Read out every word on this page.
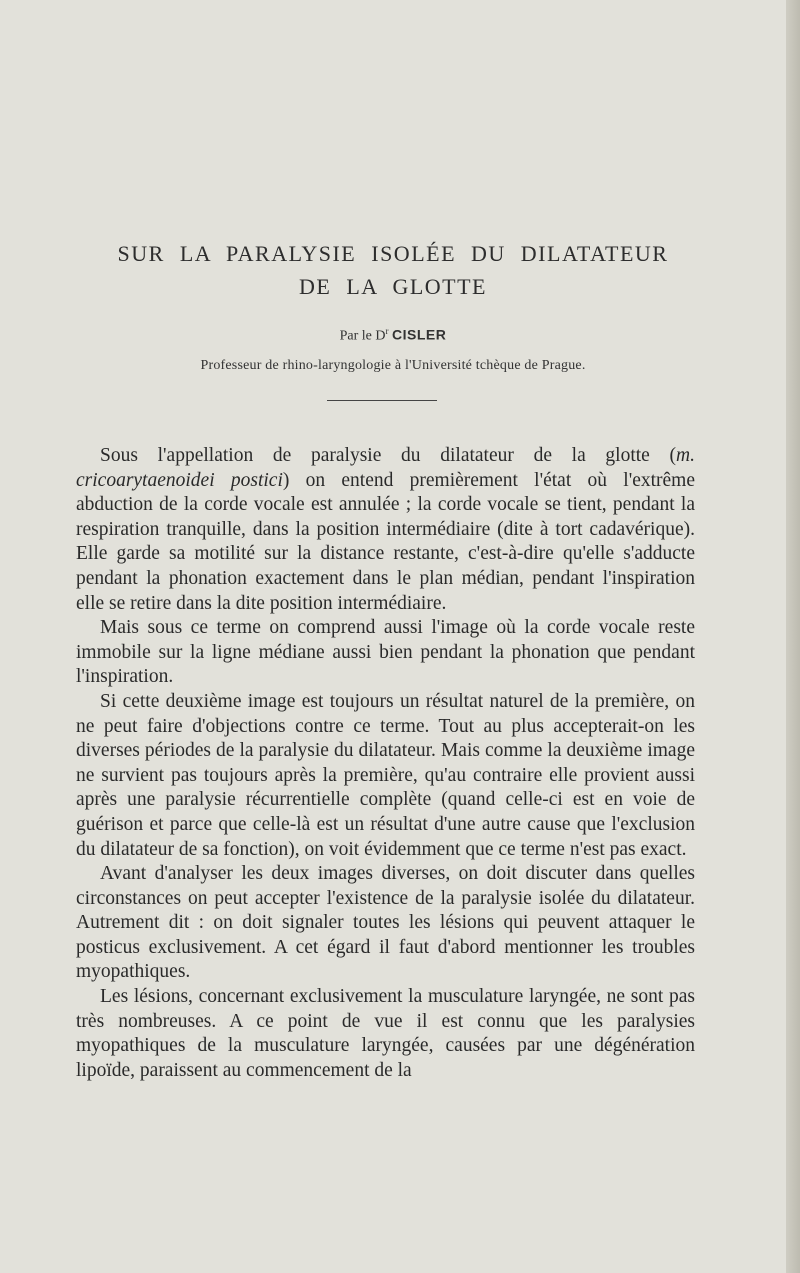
SUR LA PARALYSIE ISOLÉE DU DILATATEUR
DE LA GLOTTE
Par le $D^r$ CISLER
Professeur de rhino-laryngologie à l'Université tchèque de Prague.

Sous l'appellation de paralysie du dilatateur de la glotte (m. cricoarytaenoidei postici) on entend premièrement l'état où l'extrême abduction de la corde vocale est annulée ; la corde vocale se tient, pendant la respiration tranquille, dans la position intermédiaire (dite à tort cadavérique). Elle garde sa motilité sur la distance restante, c'est-à-dire qu'elle s'adducte pendant la phonation exactement dans le plan médian, pendant l'inspiration elle se retire dans la dite position intermédiaire.

Mais sous ce terme on comprend aussi l'image où la corde vocale reste immobile sur la ligne médiane aussi bien pendant la phonation que pendant l'inspiration.

Si cette deuxième image est toujours un résultat naturel de la première, on ne peut faire d'objections contre ce terme. Tout au plus accepterait-on les diverses périodes de la paralysie du dilatateur. Mais comme la deuxième image ne survient pas toujours après la première, qu'au contraire elle provient aussi après une paralysie récurrentielle complète (quand celle-ci est en voie de guérison et parce que celle-là est un résultat d'une autre cause que l'exclusion du dilatateur de sa fonction), on voit évidemment que ce terme n'est pas exact.

Avant d'analyser les deux images diverses, on doit discuter dans quelles circonstances on peut accepter l'existence de la paralysie isolée du dilatateur. Autrement dit : on doit signaler toutes les lésions qui peuvent attaquer le posticus exclusivement. A cet égard il faut d'abord mentionner les troubles myopathiques.

Les lésions, concernant exclusivement la musculature laryngée, ne sont pas très nombreuses. A ce point de vue il est connu que les paralysies myopathiques de la musculature laryngée, causées par une dégénération lipoïde, paraissent au commencement de la
